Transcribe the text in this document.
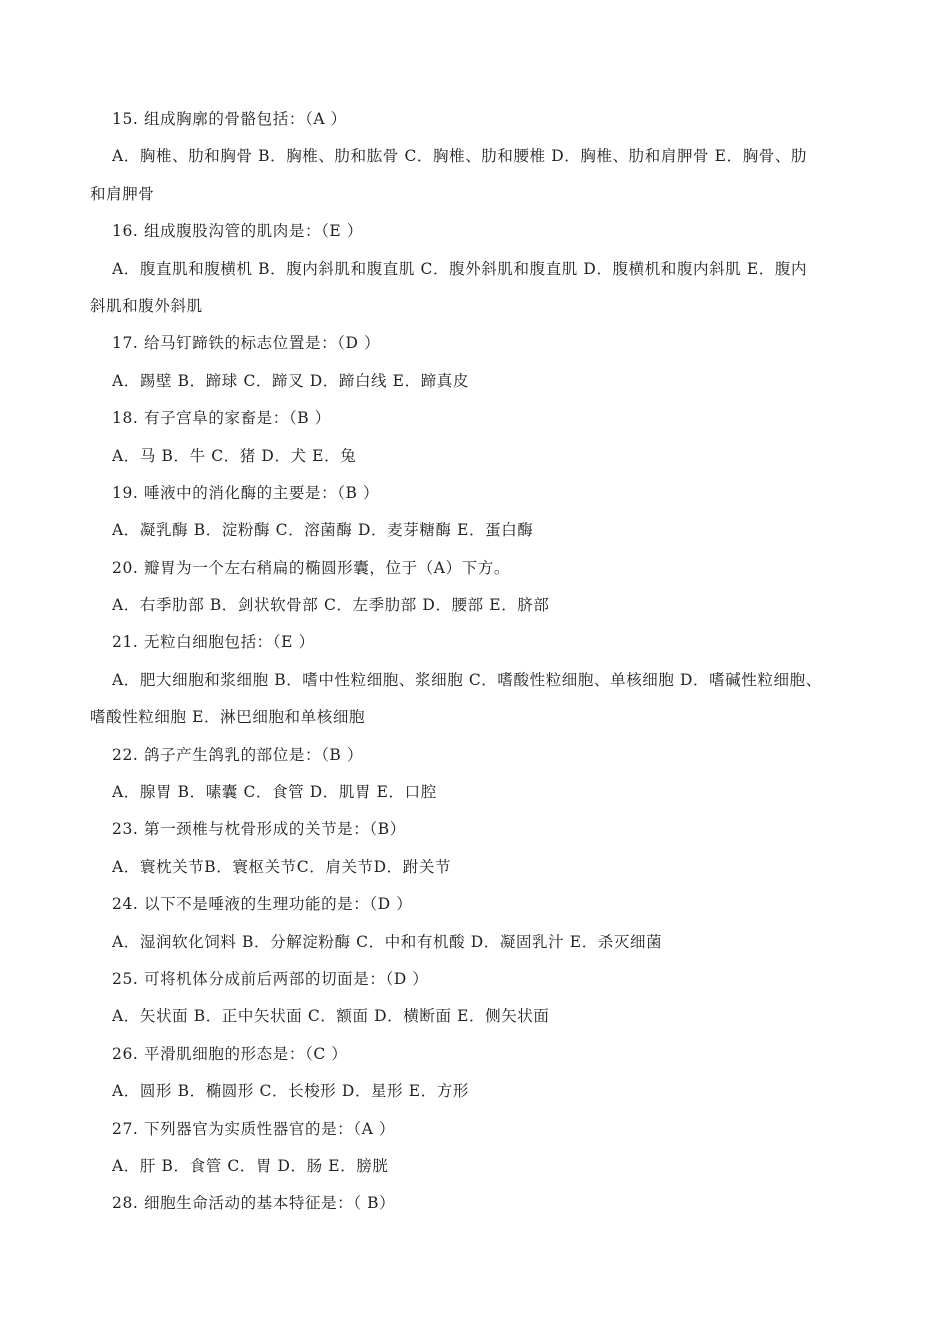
15. 组成胸廓的骨骼包括：（A ）
A．胸椎、肋和胸骨 B．胸椎、肋和肱骨 C．胸椎、肋和腰椎 D．胸椎、肋和肩胛骨 E．胸骨、肋
和肩胛骨
16. 组成腹股沟管的肌肉是：（E ）
A．腹直肌和腹横机 B．腹内斜肌和腹直肌 C．腹外斜肌和腹直肌 D．腹横机和腹内斜肌 E．腹内
斜肌和腹外斜肌
17. 给马钉蹄铁的标志位置是：（D ）
A．踢壁 B．蹄球 C．蹄叉 D．蹄白线 E．蹄真皮
18. 有子宫阜的家畜是：（B ）
A．马 B．牛 C．猪 D．犬 E．兔
19. 唾液中的消化酶的主要是：（B ）
A．凝乳酶 B．淀粉酶 C．溶菌酶 D．麦芽糖酶 E．蛋白酶
20. 瓣胃为一个左右稍扁的椭圆形囊，位于（A）下方。
A．右季肋部 B．剑状软骨部 C．左季肋部 D．腰部 E．脐部
21. 无粒白细胞包括：（E ）
A．肥大细胞和浆细胞 B．嗜中性粒细胞、浆细胞 C．嗜酸性粒细胞、单核细胞 D．嗜碱性粒细胞、
嗜酸性粒细胞 E．淋巴细胞和单核细胞
22. 鸽子产生鸽乳的部位是：（B ）
A．腺胃 B．嗉囊 C．食管 D．肌胃 E．口腔
23. 第一颈椎与枕骨形成的关节是：（B）
A．寰枕关节B．寰枢关节C．肩关节D．跗关节
24. 以下不是唾液的生理功能的是：（D ）
A．湿润软化饲料 B．分解淀粉酶 C．中和有机酸 D．凝固乳汁 E．杀灭细菌
25. 可将机体分成前后两部的切面是：（D ）
A．矢状面 B．正中矢状面 C．额面 D．横断面 E．侧矢状面
26. 平滑肌细胞的形态是：（C ）
A．圆形 B．椭圆形 C．长梭形 D．星形 E．方形
27. 下列器官为实质性器官的是：（A ）
A．肝 B．食管 C．胃 D．肠 E．膀胱
28. 细胞生命活动的基本特征是：（ B）
